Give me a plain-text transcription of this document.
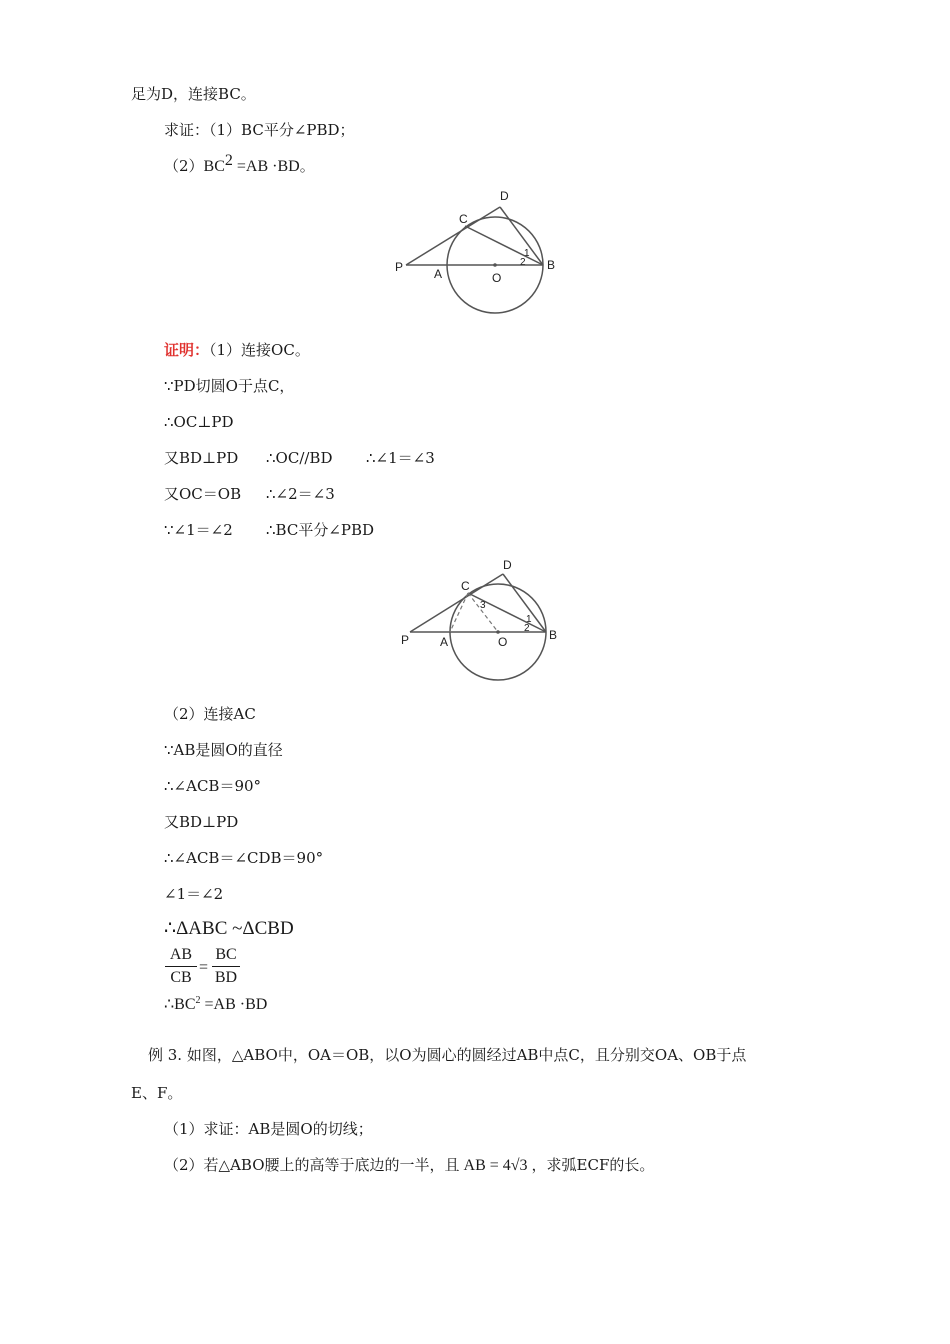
足为D，连接BC。
求证：（1）BC平分∠PBD；
$(2)BC^2 =AB \cdot BD$。
P	A	O
B
C
D
1
2
证明：（1）连接OC。
∵PD切圆O于点C，
∴OC⊥PD
又BD⊥PD ∴OC//BD ∴∠1＝∠3
又OC＝OB ∴∠2＝∠3
∵∠1＝∠2 ∴BC平分∠PBD
P	A	O	B
C
D
1
2
3
（2）连接AC
∵AB是圆O的直径
∴∠ACB＝90°
又BD⊥PD
∴∠ACB＝∠CDB＝90°
∠1＝∠2
∴ΔABC ~ΔCBD
AB
CB
=
BC
BD
$\therefore BC^2 =AB \cdot BD$
例 3. 如图，△ABO中，OA＝OB，以O为圆心的圆经过AB中点C，且分别交OA、OB于点
E、F。
（1）求证：AB是圆O的切线；
（2）若△ABO腰上的高等于底边的一半，且 AB = 4√3 ，求弧ECF的长。
